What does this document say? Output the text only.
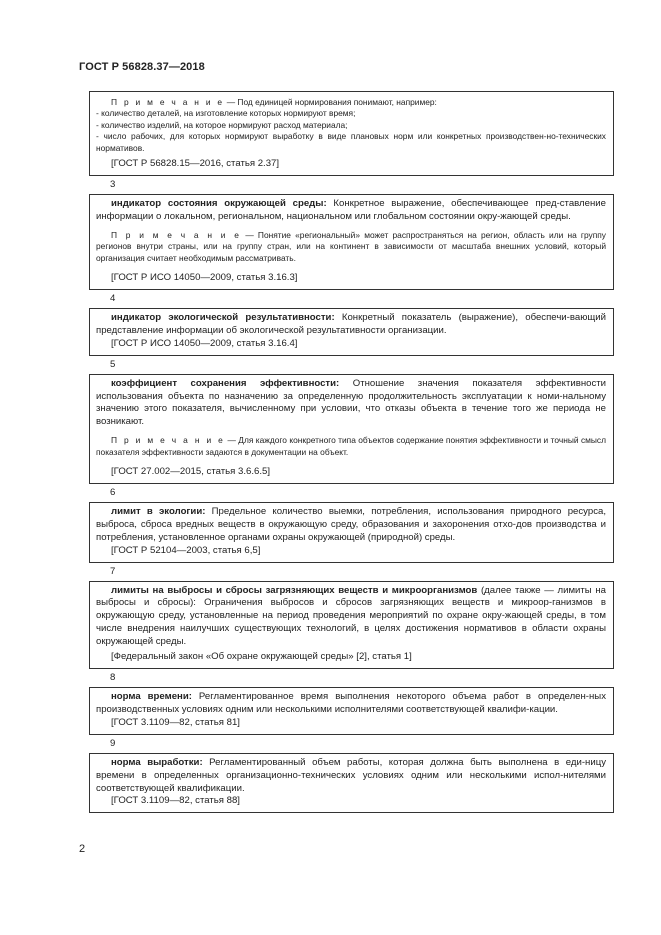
ГОСТ Р 56828.37—2018

П р и м е ч а н и е — Под единицей нормирования понимают, например:

- количество деталей, на изготовление которых нормируют время;

- количество изделий, на которое нормируют расход материала;

- число рабочих, для которых нормируют выработку в виде плановых норм или конкретных производствен-но-технических нормативов.

[ГОСТ Р 56828.15—2016, статья 2.37]

3

индикатор состояния окружающей среды: Конкретное выражение, обеспечивающее пред-ставление информации о локальном, региональном, национальном или глобальном состоянии окру-жающей среды.

П р и м е ч а н и е — Понятие «региональный» может распространяться на регион, область или на группу регионов внутри страны, или на группу стран, или на континент в зависимости от масштаба внешних условий, который организация считает необходимым рассматривать.

[ГОСТ Р ИСО 14050—2009, статья 3.16.3]

4

индикатор экологической результативности: Конкретный показатель (выражение), обеспечи-вающий представление информации об экологической результативности организации.

[ГОСТ Р ИСО 14050—2009, статья 3.16.4]

5

коэффициент сохранения эффективности: Отношение значения показателя эффективности использования объекта по назначению за определенную продолжительность эксплуатации к номи-нальному значению этого показателя, вычисленному при условии, что отказы объекта в течение того же периода не возникают.

П р и м е ч а н и е — Для каждого конкретного типа объектов содержание понятия эффективности и точный смысл показателя эффективности задаются в документации на объект.

[ГОСТ 27.002—2015, статья 3.6.6.5]

6

лимит в экологии: Предельное количество выемки, потребления, использования природного ресурса, выброса, сброса вредных веществ в окружающую среду, образования и захоронения отхо-дов производства и потребления, установленное органами охраны окружающей (природной) среды.

[ГОСТ Р 52104—2003, статья 6,5]

7

лимиты на выбросы и сбросы загрязняющих веществ и микроорганизмов (далее также — лимиты на выбросы и сбросы): Ограничения выбросов и сбросов загрязняющих веществ и микроор-ганизмов в окружающую среду, установленные на период проведения мероприятий по охране окру-жающей среды, в том числе внедрения наилучших существующих технологий, в целях достижения нормативов в области охраны окружающей среды.

[Федеральный закон «Об охране окружающей среды» [2], статья 1]

8

норма времени: Регламентированное время выполнения некоторого объема работ в определен-ных производственных условиях одним или несколькими исполнителями соответствующей квалифи-кации.

[ГОСТ 3.1109—82, статья 81]

9

норма выработки: Регламентированный объем работы, которая должна быть выполнена в еди-ницу времени в определенных организационно-технических условиях одним или несколькими испол-нителями соответствующей квалификации.

[ГОСТ 3.1109—82, статья 88]

2
